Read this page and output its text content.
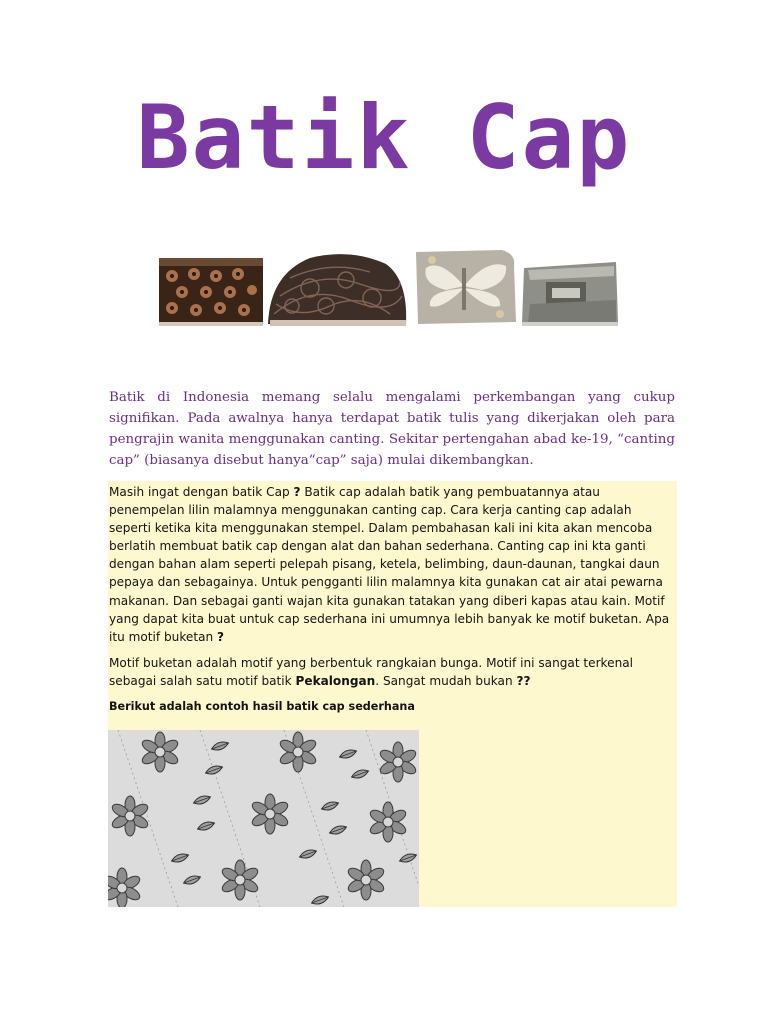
Batik Cap
Batik di Indonesia memang selalu mengalami perkembangan yang cukup signifikan. Pada awalnya hanya terdapat batik tulis yang dikerjakan oleh para pengrajin wanita menggunakan canting. Sekitar pertengahan abad ke-19, “canting cap” (biasanya disebut hanya“cap” saja) mulai dikembangkan.

Masih ingat dengan batik Cap ? Batik cap adalah batik yang pembuatannya atau penempelan lilin malamnya menggunakan canting cap. Cara kerja canting cap adalah seperti ketika kita menggunakan stempel. Dalam pembahasan kali ini kita akan mencoba berlatih membuat batik cap dengan alat dan bahan sederhana. Canting cap ini kta ganti dengan bahan alam seperti pelepah pisang, ketela, belimbing, daun-daunan, tangkai daun pepaya dan sebagainya. Untuk pengganti lilin malamnya kita gunakan cat air atai pewarna makanan. Dan sebagai ganti wajan kita gunakan tatakan yang diberi kapas atau kain. Motif yang dapat kita buat untuk cap sederhana ini umumnya lebih banyak ke motif buketan. Apa itu motif buketan ?

Motif buketan adalah motif yang berbentuk rangkaian bunga. Motif ini sangat terkenal sebagai salah satu motif batik Pekalongan. Sangat mudah bukan ??

Berikut adalah contoh hasil batik cap sederhana
